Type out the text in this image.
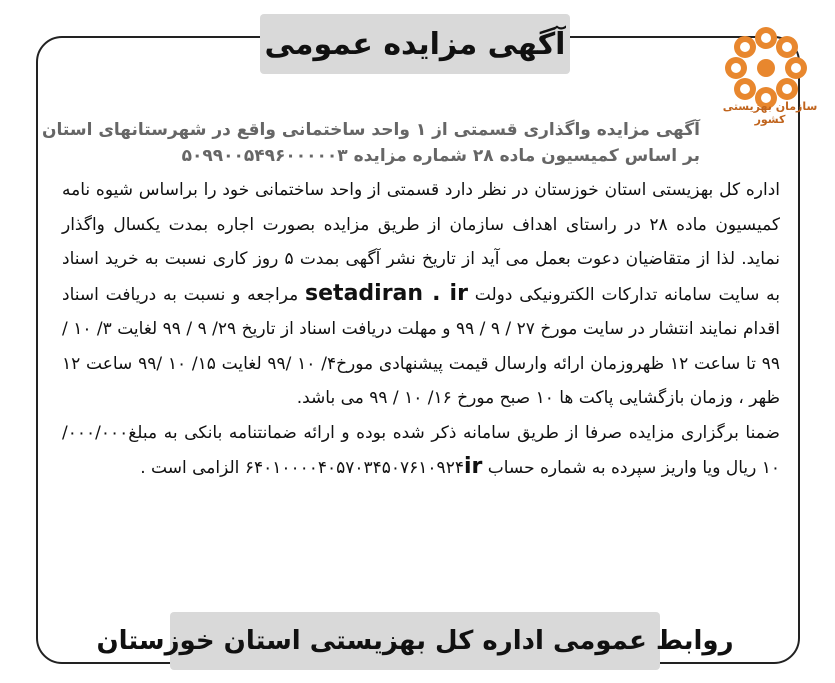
آگهی مزایده عمومی
سازمان بهزیستی کشور
آگهی مزایده واگذاری قسمتی از ۱ واحد ساختمانی واقع در شهرستانهای استان
بر اساس کمیسیون ماده ۲۸ شماره مزایده ۵۰۹۹۰۰۵۴۹۶۰۰۰۰۰۳

اداره کل بهزیستی استان خوزستان در نظر دارد قسمتی از واحد ساختمانی خود را براساس شیوه نامه کمیسیون ماده ۲۸ در راستای اهداف سازمان از طریق مزایده بصورت اجاره بمدت یکسال واگذار نماید. لذا از متقاضیان دعوت بعمل می آید از تاریخ نشر آگهی بمدت ۵ روز کاری نسبت به خرید اسناد به سایت سامانه تدارکات الکترونیکی دولت setadiran . ir مراجعه و نسبت به دریافت اسناد اقدام نمایند انتشار در سایت مورخ ۲۷ / ۹ / ۹۹ و مهلت دریافت اسناد از تاریخ ۲۹/ ۹ / ۹۹ لغایت ۳/ ۱۰ /۹۹ تا ساعت ۱۲ ظهروزمان ارائه وارسال قیمت پیشنهادی مورخ۴/ ۱۰ /۹۹ لغایت ۱۵/ ۱۰ /۹۹ ساعت ۱۲ ظهر ، وزمان بازگشایی پاکت ها ۱۰ صبح مورخ ۱۶/ ۱۰ / ۹۹ می باشد.

ضمنا برگزاری مزایده صرفا از طریق سامانه ذکر شده بوده و ارائه ضمانتنامه بانکی به مبلغ۰۰۰/۰۰۰/ ۱۰ ریال ویا واریز سپرده به شماره حساب ir۶۴۰۱۰۰۰۰۴۰۵۷۰۳۴۵۰۷۶۱۰۹۲۴ الزامی است .

روابط عمومی اداره کل بهزیستی استان خوزستان
